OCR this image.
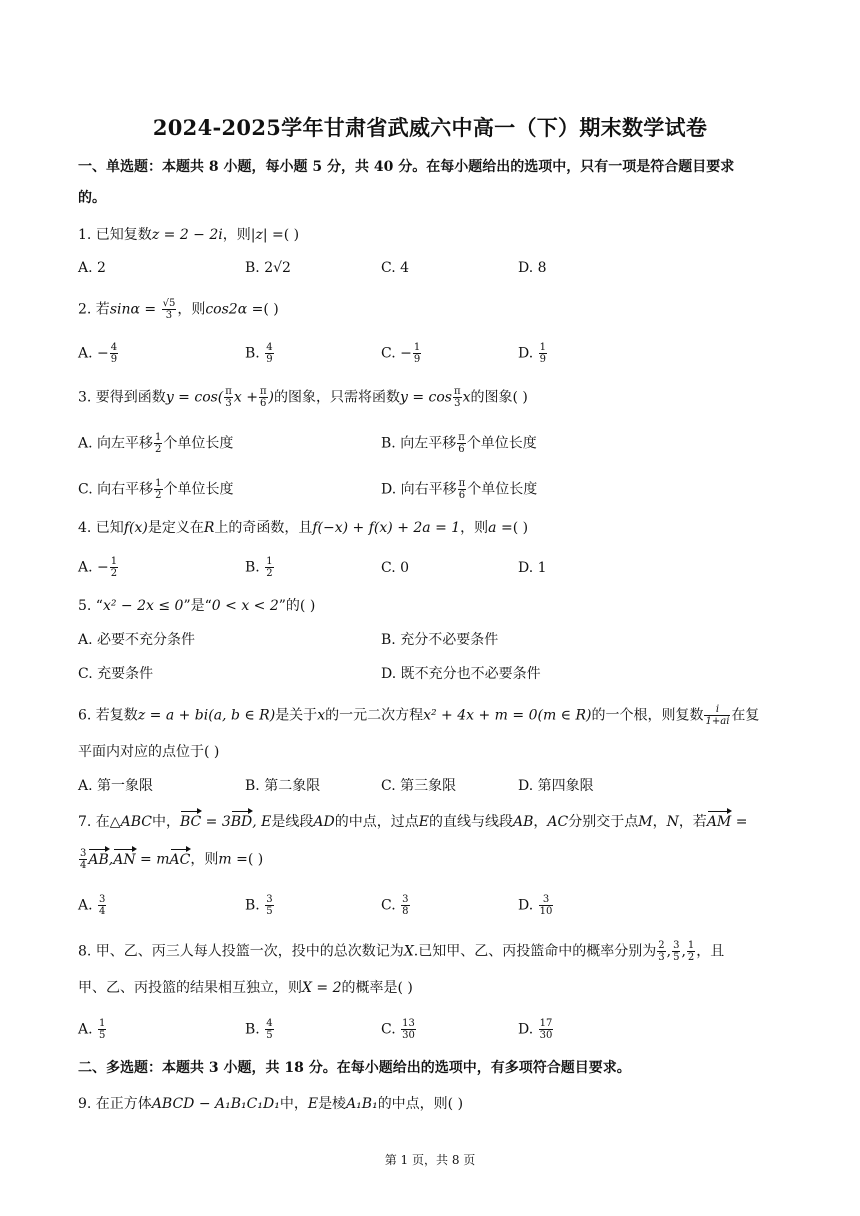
2024-2025学年甘肃省武威六中高一（下）期末数学试卷
一、单选题：本题共 8 小题，每小题 5 分，共 40 分。在每小题给出的选项中，只有一项是符合题目要求
的。
1. 已知复数z = 2 − 2i，则|z| =( )
A. 2	B. 2√2	C. 4	D. 8
2. 若$\sin\alpha = \frac{√5}{3}$ ，则cos2α =( )
A. − $\frac{4}{9}$	B. $\frac{4}{9}$	C. − $\frac{1}{9}$	D. $\frac{1}{9}$
3. 要得到函数$y = \cos( \frac{\pi}{3}$ $x + \frac{\pi}{6}$ )的图象，只需将函数$y = \cos \frac{\pi}{3}$ x的图象( )
A. 向左平移 $\frac{1}{2}$ 个单位长度	B. 向左平移 $\frac{\pi}{6}$ 个单位长度
C. 向右平移 $\frac{1}{2}$ 个单位长度	D. 向右平移 $\frac{\pi}{6}$ 个单位长度
4. 已知f(x)是定义在R上的奇函数，且f(−x) + f(x) + 2a = 1，则a =( )
A. − $\frac{1}{2}$	B. $\frac{1}{2}$	C. 0	D. 1
5. “x² − 2x ≤ 0”是“0 < x < 2”的( )
A. 必要不充分条件	B. 充分不必要条件
C. 充要条件	D. 既不充分也不必要条件
6. 若复数z = a + bi(a, b ∈ R)是关于x的一元二次方程x² + 4x + m = 0(m ∈ R)的一个根，则复数 $\frac{i}{1+ai}$ 在复
平面内对应的点位于( )
A. 第一象限	B. 第二象限	C. 第三象限	D. 第四象限
7. 在△ABC中，BC = 3BD, E是线段AD的中点，过点E的直线与线段AB，AC分别交于点M，N，若AM =
$\frac{3}{4} AB,AN$ = mAC，则m =( )
A. $\frac{3}{4}$	B. $\frac{3}{5}$	C. $\frac{3}{8}$	D. $\frac{3}{10}$
8. 甲、乙、丙三人每人投篮一次，投中的总次数记为X.已知甲、乙、丙投篮命中的概率分别为 $\frac{2}{3}$ , $\frac{3}{5}$ , $\frac{1}{2}$ ，且
甲、乙、丙投篮的结果相互独立，则X = 2的概率是( )
A. $\frac{1}{5}$	B. $\frac{4}{5}$	C. $\frac{13}{30}$	D. $\frac{17}{30}$
二、多选题：本题共 3 小题，共 18 分。在每小题给出的选项中，有多项符合题目要求。
9. 在正方体ABCD − A₁B₁C₁D₁中，E是棱A₁B₁的中点，则( )
第 1 页，共 8 页
